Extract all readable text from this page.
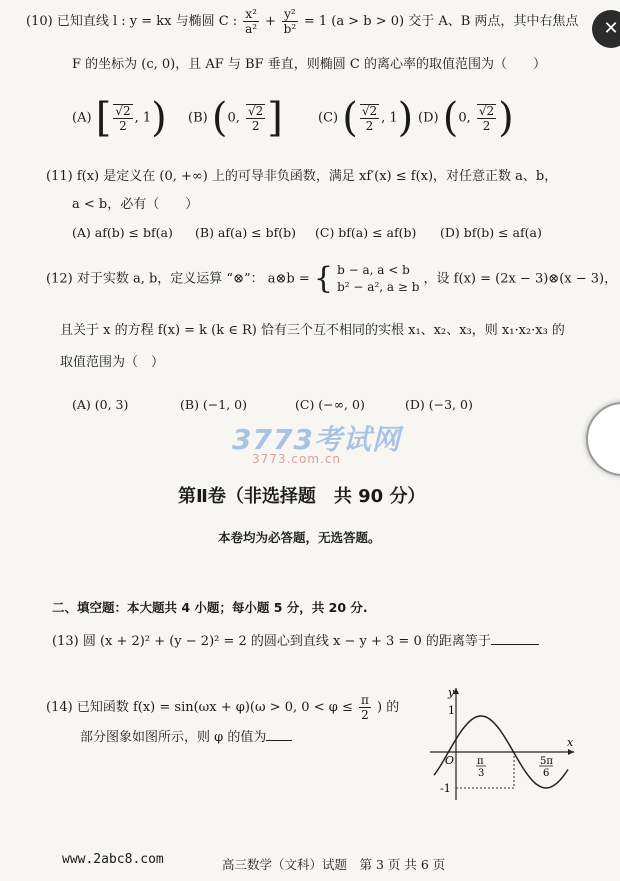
(10) 已知直线 l : y = kx 与椭圆 C : $\frac{\text{x²}}{\text{a²}} + \frac{\text{y²}}{\text{b²}} = 1$ (a > b > 0) 交于 A、B 两点，其中右焦点
F 的坐标为 (c, 0)，且 AF 与 BF 垂直，则椭圆 C 的离心率的取值范围为（　　）
(A) [ $\frac{√2}{2}$ , 1) (B) (0, $\frac{√2}{2}$ ]	(C) ( $\frac{√2}{2}$ , 1) (D) (0, $\frac{√2}{2}$ )
(11) f(x) 是定义在 (0, +∞) 上的可导非负函数，满足 xf′(x) ≤ f(x)，对任意正数 a、b，
a < b，必有（　　）
(A) af(b) ≤ bf(a) (B) af(a) ≤ bf(b) (C) bf(a) ≤ af(b) (D) bf(b) ≤ af(a)
(12) 对于实数 a, b，定义运算 “⊗”： a⊗b = { b − a, a < b
b² − a², a ≥ b
，设 f(x) = (2x − 3)⊗(x − 3)，
且关于 x 的方程 f(x) = k (k ∈ R) 恰有三个互不相同的实根 x₁、x₂、x₃，则 x₁·x₂·x₃ 的
取值范围为（　）
(A) (0, 3)	(B) (−1, 0)	(C) (−∞, 0)	(D) (−3, 0)
3773考试网
3773.com.cn
第Ⅱ卷（非选择题　共 90 分）
本卷均为必答题，无选答题。
二、填空题：本大题共 4 小题；每小题 5 分，共 20 分.
(13) 圆 (x + 2)² + (y − 2)² = 2 的圆心到直线 x − y + 3 = 0 的距离等于
(14) 已知函数 f(x) = sin(ωx + φ)(ω > 0, $0 < \varphi \le \frac{\pi}{2}$ ) 的
部分图象如图所示，则 φ 的值为
y
x
O
1
-1
π
3
5π
6
www.2abc8.com	高三数学（文科）试题　第 3 页 共 6 页
✕
